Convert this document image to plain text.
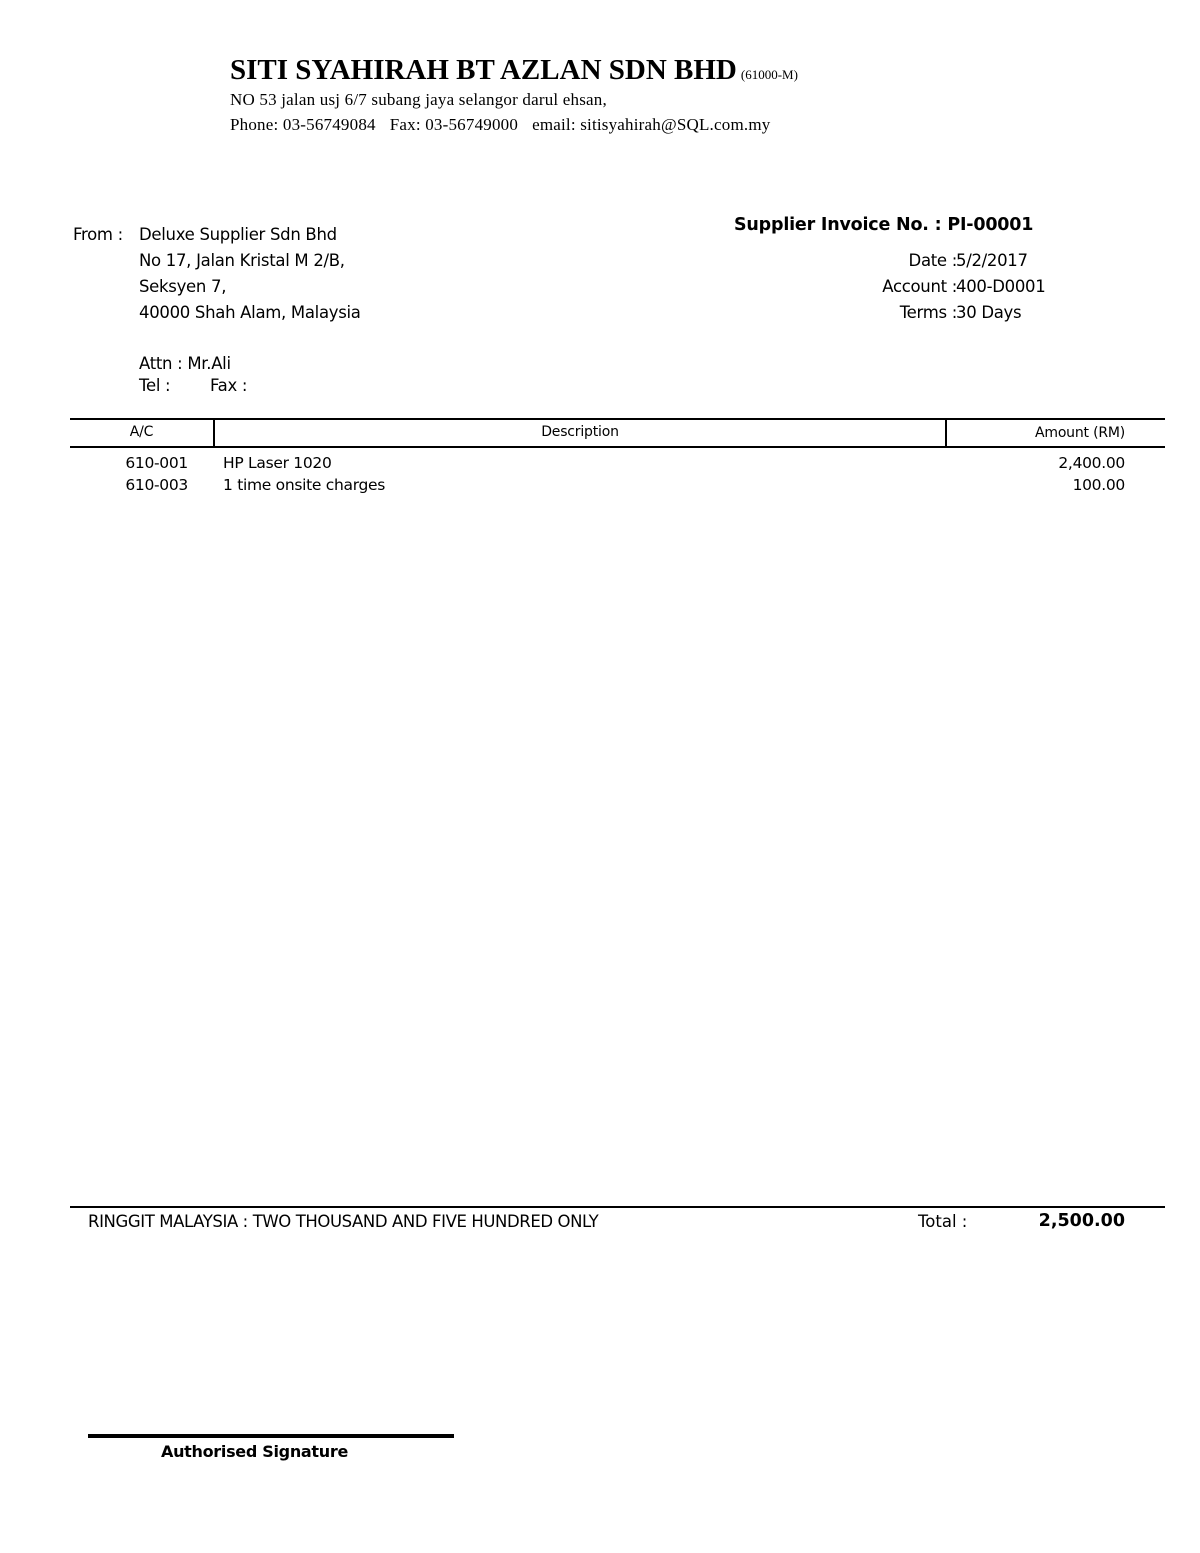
SITI SYAHIRAH BT AZLAN SDN BHD (61000-M)
NO 53 jalan usj 6/7 subang jaya selangor darul ehsan,
Phone: 03-56749084 Fax: 03-56749000 email: sitisyahirah@SQL.com.my
From : Deluxe Supplier Sdn Bhd
No 17, Jalan Kristal M 2/B,
Seksyen 7,
40000 Shah Alam, Malaysia
Attn : Mr.Ali
Tel : Fax :
Supplier Invoice No. : PI-00001
Date : 5/2/2017
Account : 400-D0001
Terms : 30 Days
A/C	Description	Amount (RM)
610-001 HP Laser 1020	2,400.00
610-003 1 time onsite charges	100.00
RINGGIT MALAYSIA : TWO THOUSAND AND FIVE HUNDRED ONLY	Total :	2,500.00
Authorised Signature
